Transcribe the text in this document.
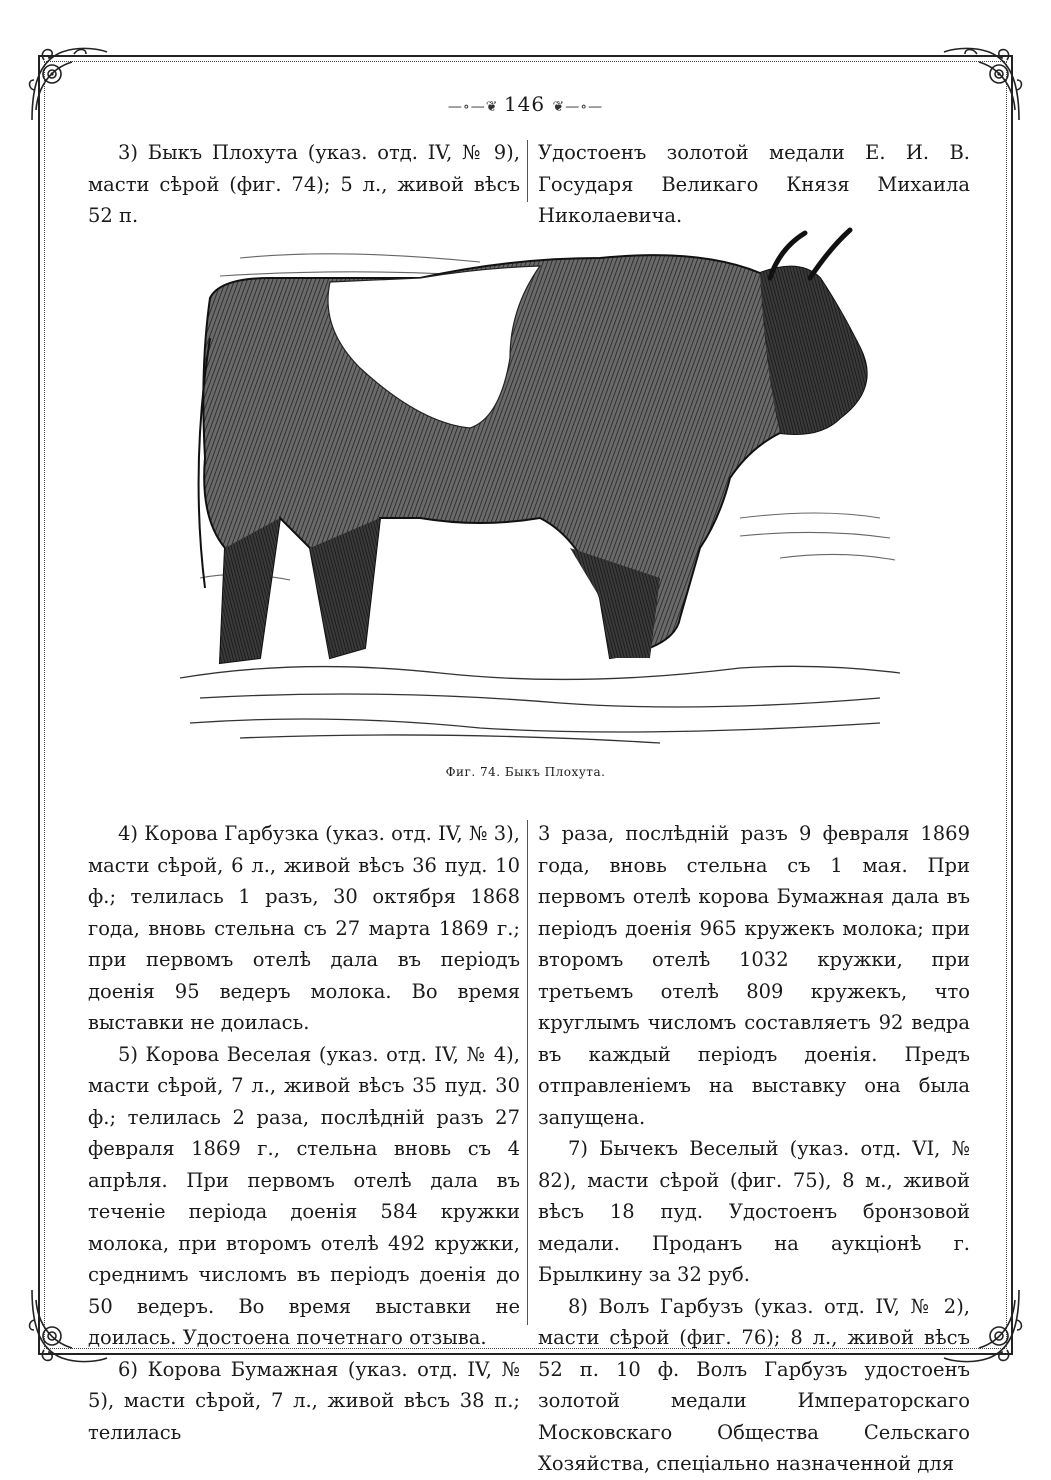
—∘—❦ 146 ❦—∘—

3) Быкъ Плохута (указ. отд. IV, № 9), масти сѣрой (фиг. 74); 5 л., живой вѣсъ 52 п.

Удостоенъ золотой медали Е. И. В. Государя Великаго Князя Михаила Николаевича.

Фиг. 74. Быкъ Плохута.

4) Корова Гарбузка (указ. отд. IV, № 3), масти сѣрой, 6 л., живой вѣсъ 36 пуд. 10 ф.; телилась 1 разъ, 30 октября 1868 года, вновь стельна съ 27 марта 1869 г.; при первомъ отелѣ дала въ періодъ доенія 95 ведеръ молока. Во время выставки не доилась.

5) Корова Веселая (указ. отд. IV, № 4), масти сѣрой, 7 л., живой вѣсъ 35 пуд. 30 ф.; телилась 2 раза, послѣдній разъ 27 февраля 1869 г., стельна вновь съ 4 апрѣля. При первомъ отелѣ дала въ теченіе періода доенія 584 кружки молока, при второмъ отелѣ 492 кружки, среднимъ числомъ въ періодъ доенія до 50 ведеръ. Во время выставки не доилась. Удостоена почетнаго отзыва.

6) Корова Бумажная (указ. отд. IV, № 5), масти сѣрой, 7 л., живой вѣсъ 38 п.; телилась

3 раза, послѣдній разъ 9 февраля 1869 года, вновь стельна съ 1 мая. При первомъ отелѣ корова Бумажная дала въ періодъ доенія 965 кружекъ молока; при второмъ отелѣ 1032 кружки, при третьемъ отелѣ 809 кружекъ, что круглымъ числомъ составляетъ 92 ведра въ каждый періодъ доенія. Предъ отправленіемъ на выставку она была запущена.

7) Бычекъ Веселый (указ. отд. VI, № 82), масти сѣрой (фиг. 75), 8 м., живой вѣсъ 18 пуд. Удостоенъ бронзовой медали. Проданъ на аукціонѣ г. Брылкину за 32 руб.

8) Волъ Гарбузъ (указ. отд. IV, № 2), масти сѣрой (фиг. 76); 8 л., живой вѣсъ 52 п. 10 ф. Волъ Гарбузъ удостоенъ золотой медали Императорскаго Московскаго Общества Сельскаго Хозяйства, спеціально назначенной для
